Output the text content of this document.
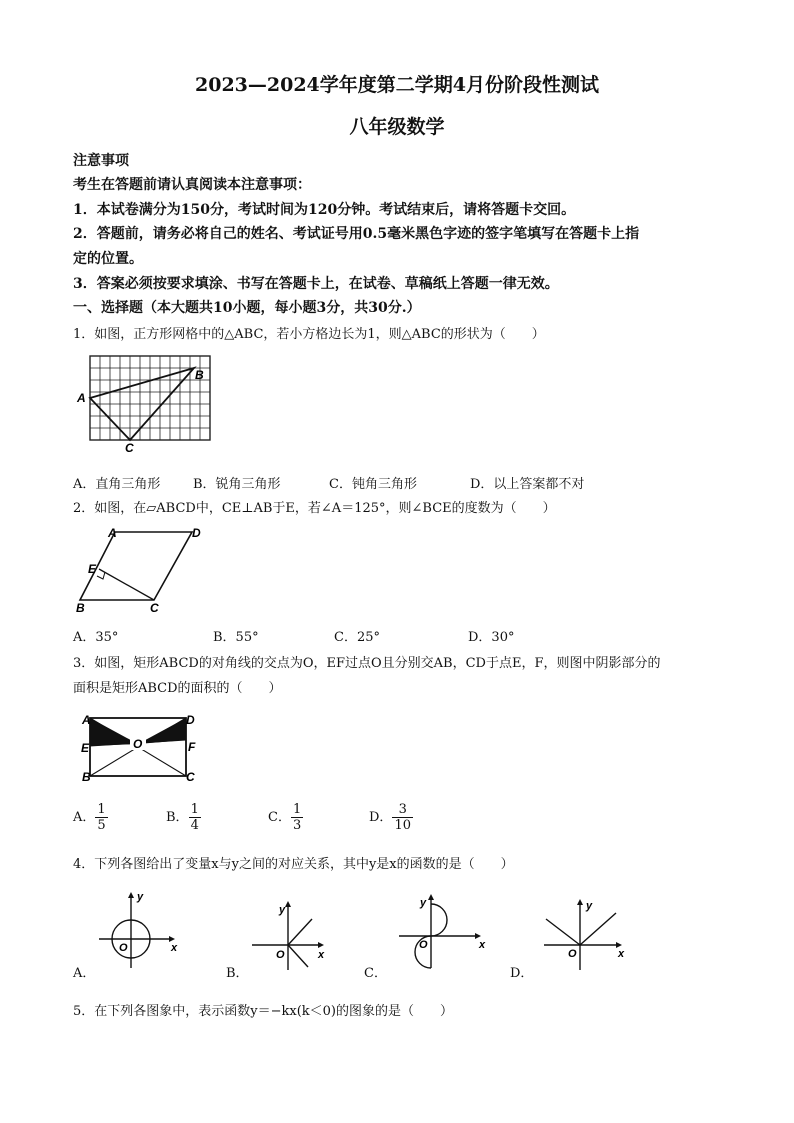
2023—2024学年度第二学期4月份阶段性测试
八年级数学
注意事项
考生在答题前请认真阅读本注意事项：
1．本试卷满分为150分，考试时间为120分钟。考试结束后，请将答题卡交回。
2．答题前，请务必将自己的姓名、考试证号用0.5毫米黑色字迹的签字笔填写在答题卡上指
定的位置。
3．答案必须按要求填涂、书写在答题卡上，在试卷、草稿纸上答题一律无效。
一、选择题（本大题共10小题，每小题3分，共30分.）
1．如图，正方形网格中的△ABC，若小方格边长为1，则△ABC的形状为（　　）
A
B
C
A．直角三角形	B．锐角三角形	C．钝角三角形	D．以上答案都不对
2．如图，在▱ABCD中，CE⊥AB于E，若∠A＝125°，则∠BCE的度数为（　　）
A	D
E
B	C
A．35°	B．55°	C．25°	D．30°
3．如图，矩形ABCD的对角线的交点为O，EF过点O且分别交AB，CD于点E，F，则图中阴影部分的
面积是矩形ABCD的面积的（　　）
O
A	D
E	F
B	C
A． $\frac{1}{5}$	B． $\frac{1}{4}$	C． $\frac{1}{3}$	D． $\frac{3}{10}$
4．下列各图给出了变量x与y之间的对应关系，其中y是x的函数的是（　　）
y
x
O
y
x
O
y
x
O
y
x
O
A．	B．	C．	D．
5．在下列各图象中，表示函数y＝−kx(k＜0)的图象的是（　　）
